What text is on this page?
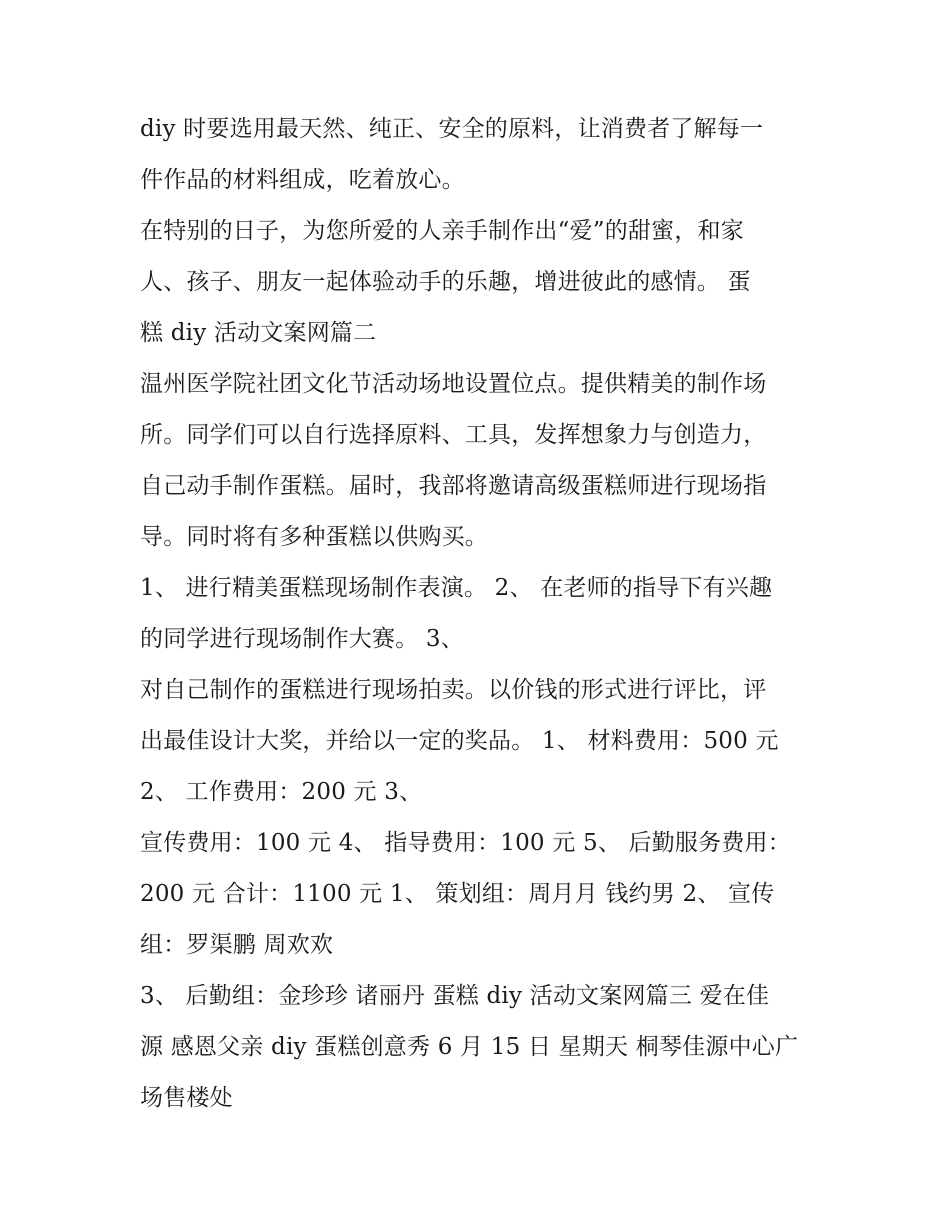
diy 时要选用最天然、纯正、安全的原料，让消费者了解每一
件作品的材料组成，吃着放心。
在特别的日子，为您所爱的人亲手制作出“爱”的甜蜜，和家
人、孩子、朋友一起体验动手的乐趣，增进彼此的感情。 蛋
糕 diy 活动文案网篇二
温州医学院社团文化节活动场地设置位点。提供精美的制作场
所。同学们可以自行选择原料、工具，发挥想象力与创造力，
自己动手制作蛋糕。届时，我部将邀请高级蛋糕师进行现场指
导。同时将有多种蛋糕以供购买。
1、 进行精美蛋糕现场制作表演。 2、 在老师的指导下有兴趣
的同学进行现场制作大赛。 3、
对自己制作的蛋糕进行现场拍卖。以价钱的形式进行评比，评
出最佳设计大奖，并给以一定的奖品。 1、 材料费用：500 元
2、 工作费用：200 元 3、
宣传费用：100 元 4、 指导费用：100 元 5、 后勤服务费用：
200 元 合计：1100 元 1、 策划组：周月月 钱约男 2、 宣传
组：罗渠鹏 周欢欢
3、 后勤组：金珍珍 诸丽丹 蛋糕 diy 活动文案网篇三 爱在佳
源 感恩父亲 diy 蛋糕创意秀 6 月 15 日 星期天 桐琴佳源中心广
场售楼处
